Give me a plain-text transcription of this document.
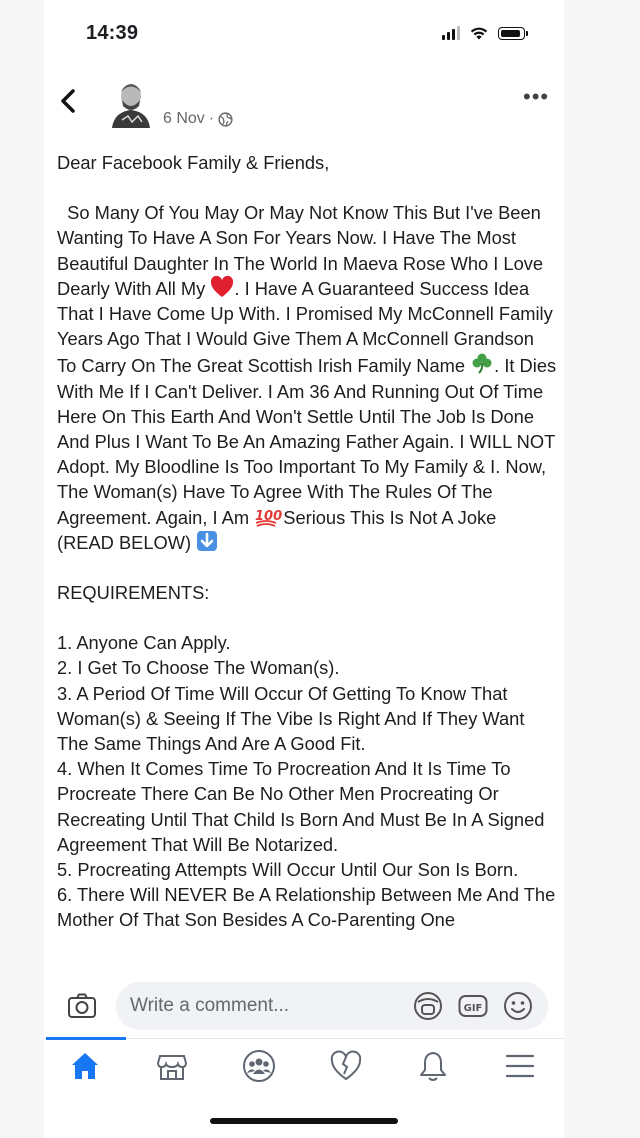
14:39
6 Nov ·
•••

Dear Facebook Family & Friends,

So Many Of You May Or May Not Know This But I've Been Wanting To Have A Son For Years Now. I Have The Most Beautiful Daughter In The World In Maeva Rose Who I Love Dearly With All My . I Have A Guaranteed Success Idea That I Have Come Up With. I Promised My McConnell Family Years Ago That I Would Give Them A McConnell Grandson To Carry On The Great Scottish Irish Family Name . It Dies With Me If I Can't Deliver. I Am 36 And Running Out Of Time Here On This Earth And Won't Settle Until The Job Is Done And Plus I Want To Be An Amazing Father Again. I WILL NOT Adopt. My Bloodline Is Too Important To My Family & I. Now, The Woman(s) Have To Agree With The Rules Of The Agreement. Again, I Am 100 Serious This Is Not A Joke (READ BELOW)

REQUIREMENTS:

1. Anyone Can Apply.

2. I Get To Choose The Woman(s).

3. A Period Of Time Will Occur Of Getting To Know That Woman(s) & Seeing If The Vibe Is Right And If They Want The Same Things And Are A Good Fit.

4. When It Comes Time To Procreation And It Is Time To Procreate There Can Be No Other Men Procreating Or Recreating Until That Child Is Born And Must Be In A Signed Agreement That Will Be Notarized.

5. Procreating Attempts Will Occur Until Our Son Is Born.

6. There Will NEVER Be A Relationship Between Me And The Mother Of That Son Besides A Co-Parenting One

Write a comment...	GIF
